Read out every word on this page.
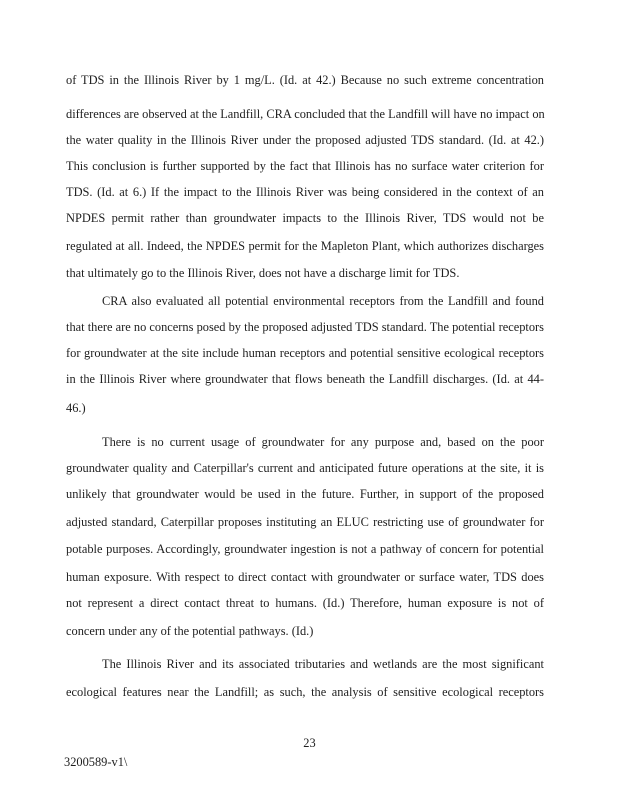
of TDS in the Illinois River by 1 mg/L. (Id. at 42.) Because no such extreme concentration
differences are observed at the Landfill, CRA concluded that the Landfill will have no impact on
the water quality in the Illinois River under the proposed adjusted TDS standard. (Id. at 42.)
This conclusion is further supported by the fact that Illinois has no surface water criterion for
TDS. (Id. at 6.) If the impact to the Illinois River was being considered in the context of an
NPDES permit rather than groundwater impacts to the Illinois River, TDS would not be
regulated at all. Indeed, the NPDES permit for the Mapleton Plant, which authorizes discharges
that ultimately go to the Illinois River, does not have a discharge limit for TDS.
CRA also evaluated all potential environmental receptors from the Landfill and found
that there are no concerns posed by the proposed adjusted TDS standard. The potential receptors
for groundwater at the site include human receptors and potential sensitive ecological receptors
in the Illinois River where groundwater that flows beneath the Landfill discharges. (Id. at 44-
46.)
There is no current usage of groundwater for any purpose and, based on the poor
groundwater quality and Caterpillar's current and anticipated future operations at the site, it is
unlikely that groundwater would be used in the future. Further, in support of the proposed
adjusted standard, Caterpillar proposes instituting an ELUC restricting use of groundwater for
potable purposes. Accordingly, groundwater ingestion is not a pathway of concern for potential
human exposure. With respect to direct contact with groundwater or surface water, TDS does
not represent a direct contact threat to humans. (Id.) Therefore, human exposure is not of
concern under any of the potential pathways. (Id.)
The Illinois River and its associated tributaries and wetlands are the most significant
ecological features near the Landfill; as such, the analysis of sensitive ecological receptors
23
3200589-v1\
